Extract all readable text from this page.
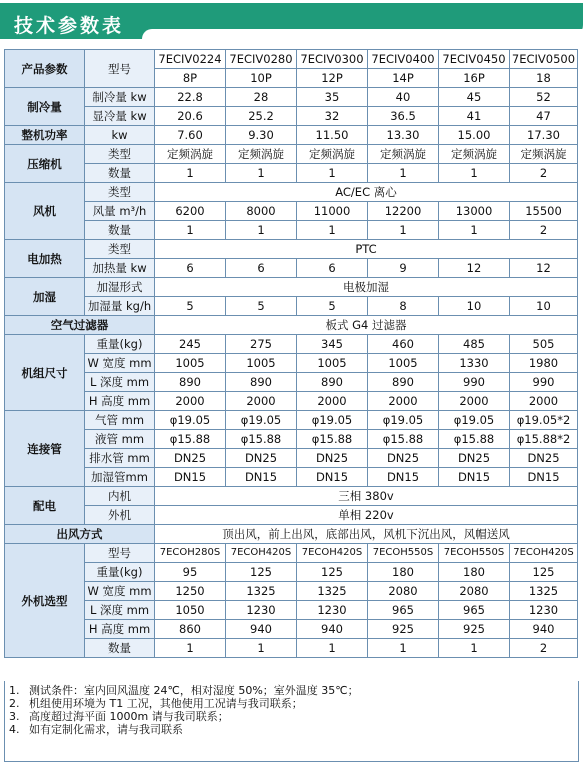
技术参数表
产品参数	型号	7ECIV0224	7ECIV0280	7ECIV0300	7ECIV0400	7ECIV0450	7ECIV0500
		8P	10P	12P	14P	16P	18
制冷量	制冷量 kw	22.8	28	35	40	45	52
	显冷量 kw	20.6	25.2	32	36.5	41	47
整机功率	kw	7.60	9.30	11.50	13.30	15.00	17.30
压缩机	类型	定频涡旋	定频涡旋	定频涡旋	定频涡旋	定频涡旋	定频涡旋
	数量	1	1	1	1	1	2
风机	类型	AC/EC 离心					
	风量 m³/h	6200	8000	11000	12200	13000	15500
	数量	1	1	1	1	1	2
电加热	类型	PTC					
	加热量 kw	6	6	6	9	12	12
加湿	加湿形式	电极加湿					
	加湿量 kg/h	5	5	5	8	10	10
空气过滤器		板式 G4 过滤器					
机组尺寸	重量(kg)	245	275	345	460	485	505
	W 宽度 mm	1005	1005	1005	1005	1330	1980
	L 深度 mm	890	890	890	890	990	990
	H 高度 mm	2000	2000	2000	2000	2000	2000
连接管	气管 mm	φ19.05	φ19.05	φ19.05	φ19.05	φ19.05	φ19.05*2
	液管 mm	φ15.88	φ15.88	φ15.88	φ15.88	φ15.88	φ15.88*2
	排水管 mm	DN25	DN25	DN25	DN25	DN25	DN25
	加湿管mm	DN15	DN15	DN15	DN15	DN15	DN15
配电	内机	三相 380v					
	外机	单相 220v					
出风方式		顶出风，前上出风，底部出风，风机下沉出风，风帽送风					
外机选型	型号	7ECOH280S	7ECOH420S	7ECOH420S	7ECOH550S	7ECOH550S	7ECOH420S
	重量(kg)	95	125	125	180	180	125
	W 宽度 mm	1250	1325	1325	2080	2080	1325
	L 深度 mm	1050	1230	1230	965	965	1230
	H 高度 mm	860	940	940	925	925	940
	数量	1	1	1	1	1	2
1. 测试条件：室内回风温度 24℃，相对湿度 50%；室外温度 35℃；
2. 机组使用环境为 T1 工况，其他使用工况请与我司联系；
3. 高度超过海平面 1000m 请与我司联系；
4. 如有定制化需求，请与我司联系
